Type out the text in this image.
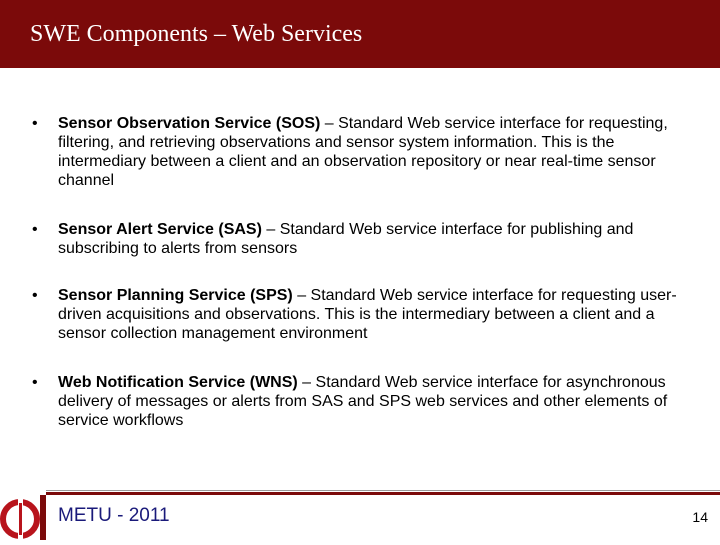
SWE Components – Web Services
• Sensor Observation Service (SOS) – Standard Web service interface for requesting, filtering, and retrieving observations and sensor system information. This is the intermediary between a client and an observation repository or near real-time sensor channel
• Sensor Alert Service (SAS) – Standard Web service interface for publishing and subscribing to alerts from sensors
• Sensor Planning Service (SPS) – Standard Web service interface for requesting user-driven acquisitions and observations. This is the intermediary between a client and a sensor collection management environment
• Web Notification Service (WNS) – Standard Web service interface for asynchronous delivery of messages or alerts from SAS and SPS web services and other elements of service workflows
METU - 2011	14
